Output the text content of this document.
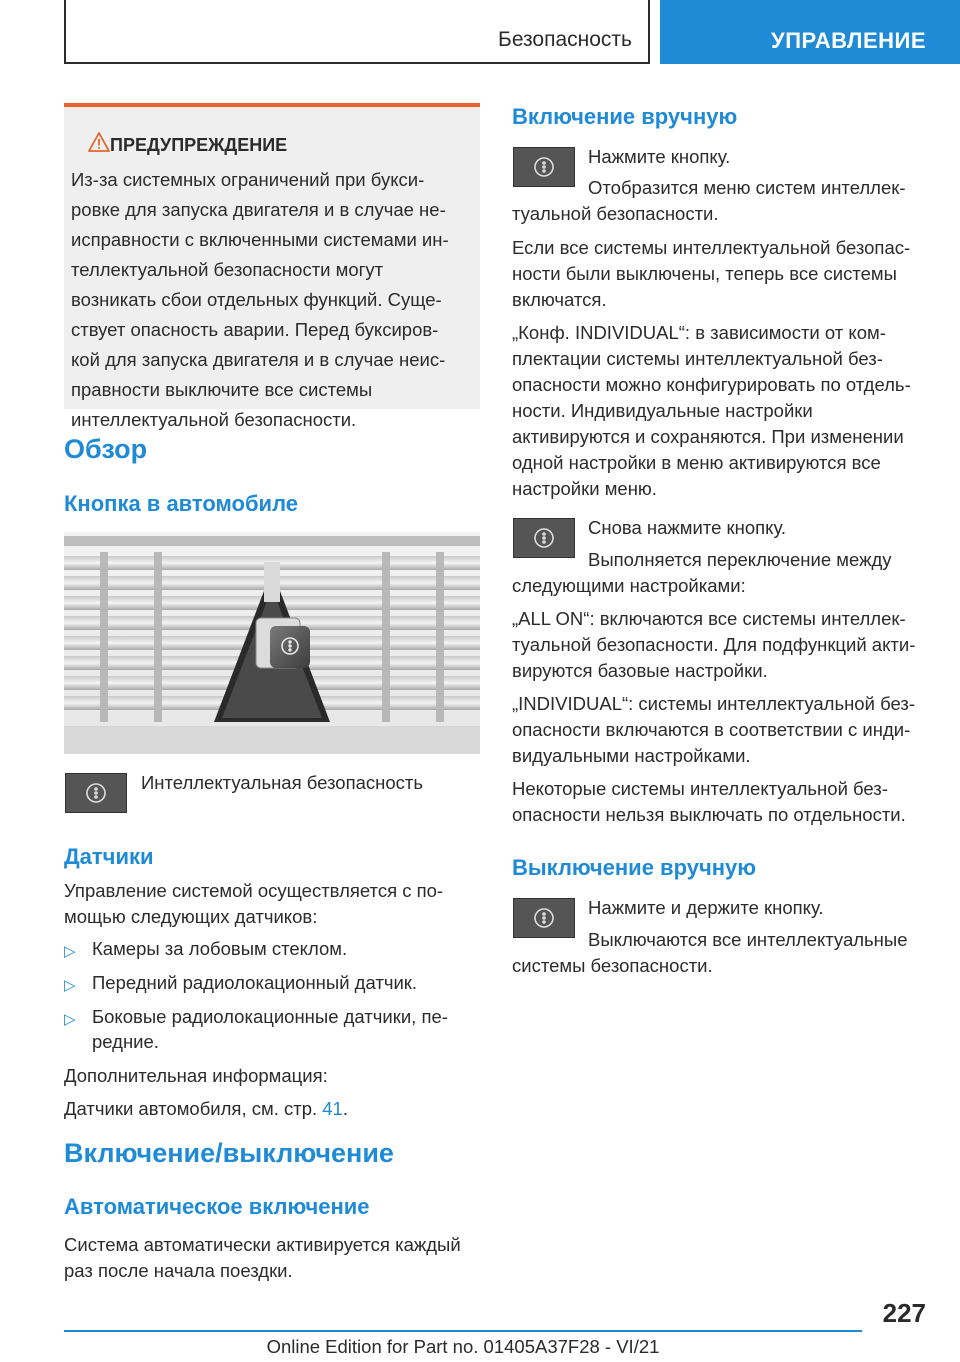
Безопасность	УПРАВЛЕНИЕ
ПРЕДУПРЕЖДЕНИЕ
Из-за системных ограничений при букси-
ровке для запуска двигателя и в случае не-
исправности с включенными системами ин-
теллектуальной безопасности могут
возникать сбои отдельных функций. Суще-
ствует опасность аварии. Перед буксиров-
кой для запуска двигателя и в случае неис-
правности выключите все системы
интеллектуальной безопасности.
Обзор
Кнопка в автомобиле
Интеллектуальная безопасность
Датчики
Управление системой осуществляется с по-
мощью следующих датчиков:
▷ Камеры за лобовым стеклом.
▷ Передний радиолокационный датчик.
▷ Боковые радиолокационные датчики, пе-
редние.
Дополнительная информация:
Датчики автомобиля, см. стр. 41.
Включение/выключение
Автоматическое включение
Система автоматически активируется каждый
раз после начала поездки.
Включение вручную
Нажмите кнопку.
Отобразится меню систем интеллек-
туальной безопасности.
Если все системы интеллектуальной безопас-
ности были выключены, теперь все системы
включатся.
„Конф. INDIVIDUAL“: в зависимости от ком-
плектации системы интеллектуальной без-
опасности можно конфигурировать по отдель-
ности. Индивидуальные настройки
активируются и сохраняются. При изменении
одной настройки в меню активируются все
настройки меню.
Снова нажмите кнопку.
Выполняется переключение между
следующими настройками:
„ALL ON“: включаются все системы интеллек-
туальной безопасности. Для подфункций акти-
вируются базовые настройки.
„INDIVIDUAL“: системы интеллектуальной без-
опасности включаются в соответствии с инди-
видуальными настройками.
Некоторые системы интеллектуальной без-
опасности нельзя выключать по отдельности.
Выключение вручную
Нажмите и держите кнопку.
Выключаются все интеллектуальные
системы безопасности.
227
Online Edition for Part no. 01405A37F28 - VI/21
